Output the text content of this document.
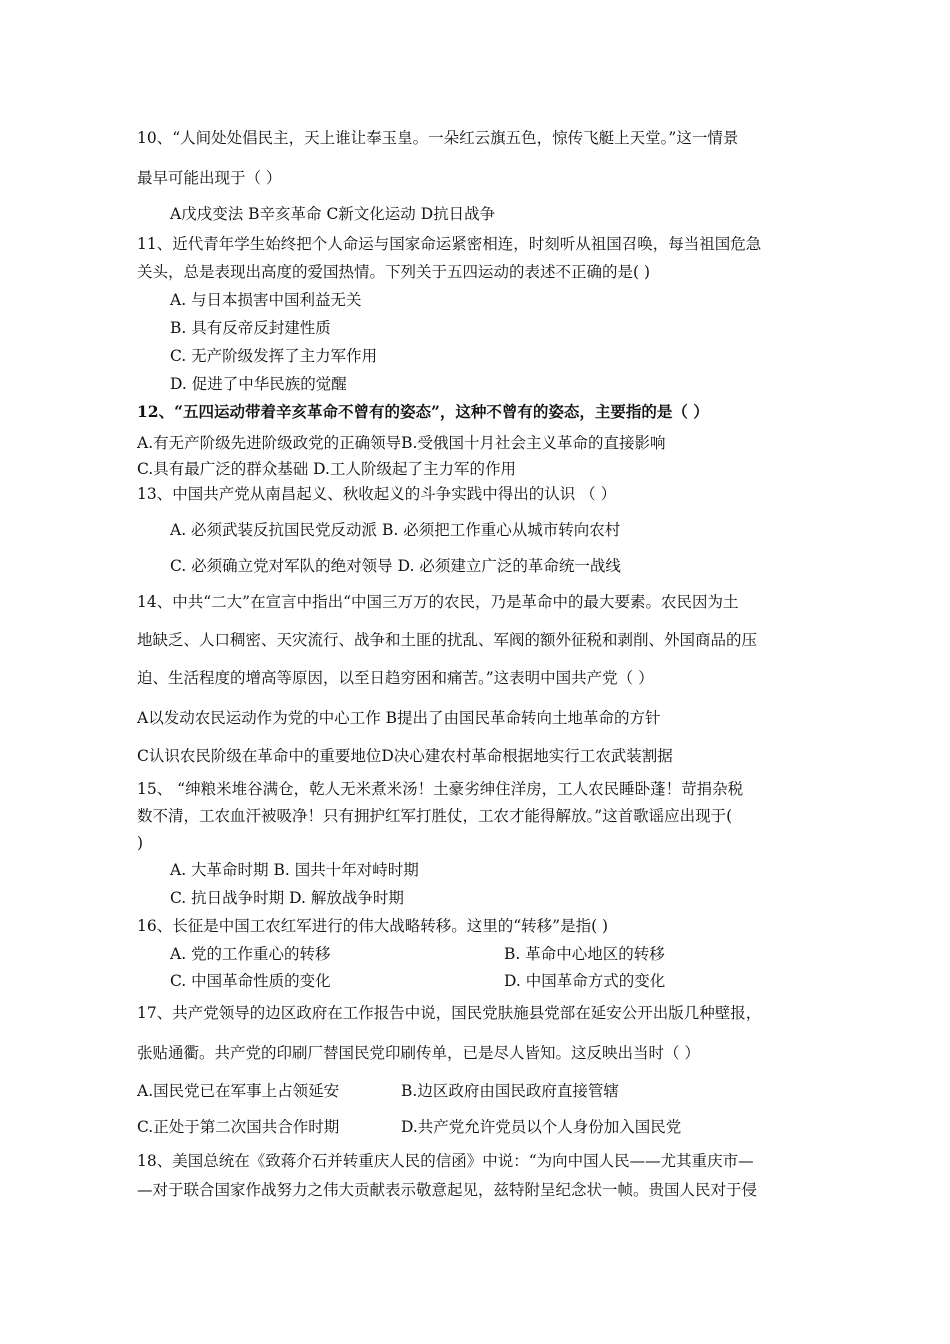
10、“人间处处倡民主，天上谁让奉玉皇。一朵红云旗五色，惊传飞艇上天堂。”这一情景
最早可能出现于（ ）
A戊戌变法 B辛亥革命 C新文化运动 D抗日战争
11、近代青年学生始终把个人命运与国家命运紧密相连，时刻听从祖国召唤，每当祖国危急
关头，总是表现出高度的爱国热情。下列关于五四运动的表述不正确的是( )
A. 与日本损害中国利益无关
B. 具有反帝反封建性质
C. 无产阶级发挥了主力军作用
D. 促进了中华民族的觉醒
12、“五四运动带着辛亥革命不曾有的姿态”，这种不曾有的姿态，主要指的是（ ）
A.有无产阶级先进阶级政党的正确领导B.受俄国十月社会主义革命的直接影响
C.具有最广泛的群众基础 D.工人阶级起了主力军的作用
13、中国共产党从南昌起义、秋收起义的斗争实践中得出的认识 （ ）
A. 必须武装反抗国民党反动派 B. 必须把工作重心从城市转向农村
C. 必须确立党对军队的绝对领导 D. 必须建立广泛的革命统一战线
14、中共“二大”在宣言中指出“中国三万万的农民，乃是革命中的最大要素。农民因为土
地缺乏、人口稠密、天灾流行、战争和土匪的扰乱、军阀的额外征税和剥削、外国商品的压
迫、生活程度的增高等原因，以至日趋穷困和痛苦。”这表明中国共产党（ ）
A以发动农民运动作为党的中心工作 B提出了由国民革命转向土地革命的方针
C认识农民阶级在革命中的重要地位D决心建农村革命根据地实行工农武装割据
15、 “绅粮米堆谷满仓，乾人无米煮米汤！土豪劣绅住洋房，工人农民睡卧蓬！苛捐杂税
数不清，工农血汗被吸净！只有拥护红军打胜仗，工农才能得解放。”这首歌谣应出现于(
)
A. 大革命时期 B. 国共十年对峙时期
C. 抗日战争时期 D. 解放战争时期
16、长征是中国工农红军进行的伟大战略转移。这里的“转移”是指( )
A. 党的工作重心的转移	B. 革命中心地区的转移
C. 中国革命性质的变化	D. 中国革命方式的变化
17、共产党领导的边区政府在工作报告中说，国民党肤施县党部在延安公开出版几种壁报，
张贴通衢。共产党的印刷厂替国民党印刷传单，已是尽人皆知。这反映出当时（ ）
A.国民党已在军事上占领延安	B.边区政府由国民政府直接管辖
C.正处于第二次国共合作时期	D.共产党允许党员以个人身份加入国民党
18、美国总统在《致蒋介石并转重庆人民的信函》中说：“为向中国人民——尤其重庆市—
—对于联合国家作战努力之伟大贡献表示敬意起见，兹特附呈纪念状一帧。贵国人民对于侵
